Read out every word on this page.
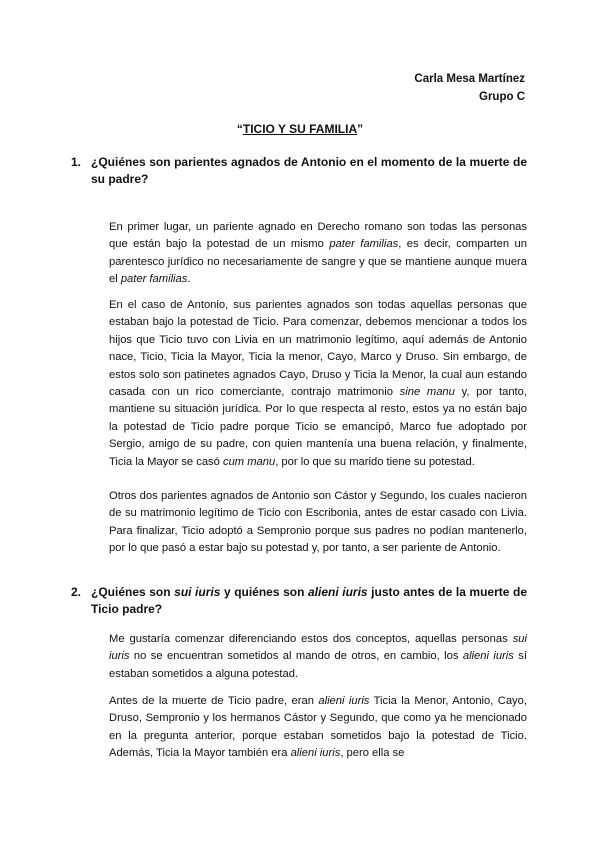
Carla Mesa Martínez
Grupo C
“TICIO Y SU FAMILIA”
1. ¿Quiénes son parientes agnados de Antonio en el momento de la muerte de su padre?

En primer lugar, un pariente agnado en Derecho romano son todas las personas que están bajo la potestad de un mismo pater familias, es decir, comparten un parentesco jurídico no necesariamente de sangre y que se mantiene aunque muera el pater familias.

En el caso de Antonio, sus parientes agnados son todas aquellas personas que estaban bajo la potestad de Ticio. Para comenzar, debemos mencionar a todos los hijos que Ticio tuvo con Livia en un matrimonio legítimo, aquí además de Antonio nace, Ticio, Ticia la Mayor, Ticia la menor, Cayo, Marco y Druso. Sin embargo, de estos solo son patinetes agnados Cayo, Druso y Ticia la Menor, la cual aun estando casada con un rico comerciante, contrajo matrimonio sine manu y, por tanto, mantiene su situación jurídica. Por lo que respecta al resto, estos ya no están bajo la potestad de Ticio padre porque Ticio se emancipó, Marco fue adoptado por Sergio, amigo de su padre, con quien mantenía una buena relación, y finalmente, Ticia la Mayor se casó cum manu, por lo que su marido tiene su potestad.

Otros dos parientes agnados de Antonio son Cástor y Segundo, los cuales nacieron de su matrimonio legítimo de Ticio con Escribonia, antes de estar casado con Livia. Para finalizar, Ticio adoptó a Sempronio porque sus padres no podían mantenerlo, por lo que pasó a estar bajo su potestad y, por tanto, a ser pariente de Antonio.

2. ¿Quiénes son sui iuris y quiénes son alieni iuris justo antes de la muerte de Ticio padre?

Me gustaría comenzar diferenciando estos dos conceptos, aquellas personas sui iuris no se encuentran sometidos al mando de otros, en cambio, los alieni iuris sí estaban sometidos a alguna potestad.

Antes de la muerte de Ticio padre, eran alieni iuris Ticia la Menor, Antonio, Cayo, Druso, Sempronio y los hermanos Cástor y Segundo, que como ya he mencionado en la pregunta anterior, porque estaban sometidos bajo la potestad de Ticio. Además, Ticia la Mayor también era alieni iuris, pero ella se
